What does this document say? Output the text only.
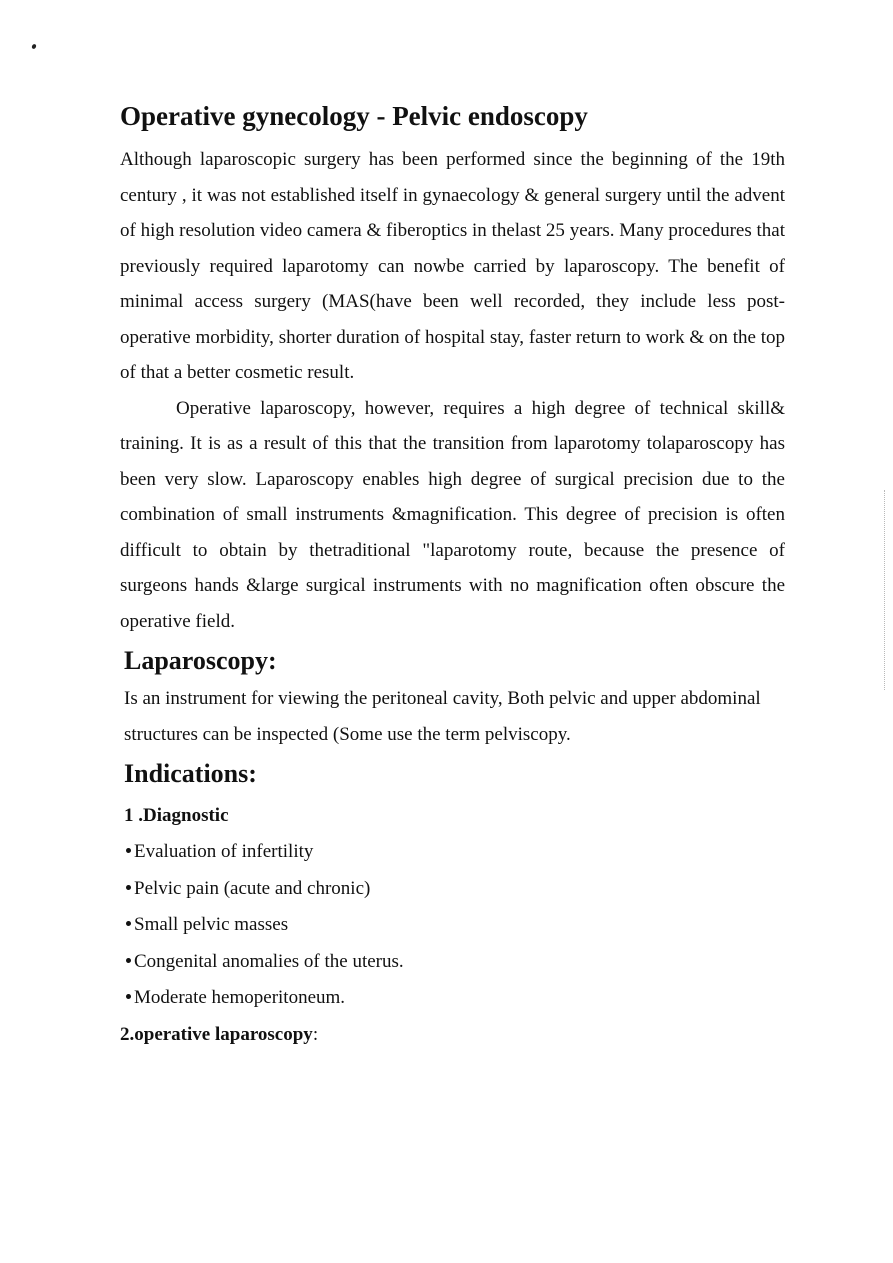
Operative gynecology - Pelvic endoscopy

Although laparoscopic surgery has been performed since the beginning of the 19th century , it was not established itself in gynaecology & general surgery until the advent of high resolution video camera & fiberoptics in thelast 25 years. Many procedures that previously required laparotomy can nowbe carried by laparoscopy. The benefit of minimal access surgery (MAS(have been well recorded, they include less post-operative morbidity, shorter duration of hospital stay, faster return to work & on the top of that a better cosmetic result.

Operative laparoscopy, however, requires a high degree of technical skill& training. It is as a result of this that the transition from laparotomy tolaparoscopy has been very slow. Laparoscopy enables high degree of surgical precision due to the combination of small instruments &magnification. This degree of precision is often difficult to obtain by thetraditional "laparotomy route, because the presence of surgeons hands &large surgical instruments with no magnification often obscure the operative field.

Laparoscopy:

Is an instrument for viewing the peritoneal cavity, Both pelvic and upper abdominal structures can be inspected (Some use the term pelviscopy.

Indications:
1 .Diagnostic
Evaluation of infertility
Pelvic pain (acute and chronic)
Small pelvic masses
Congenital anomalies of the uterus.
Moderate hemoperitoneum.
2.operative laparoscopy:
